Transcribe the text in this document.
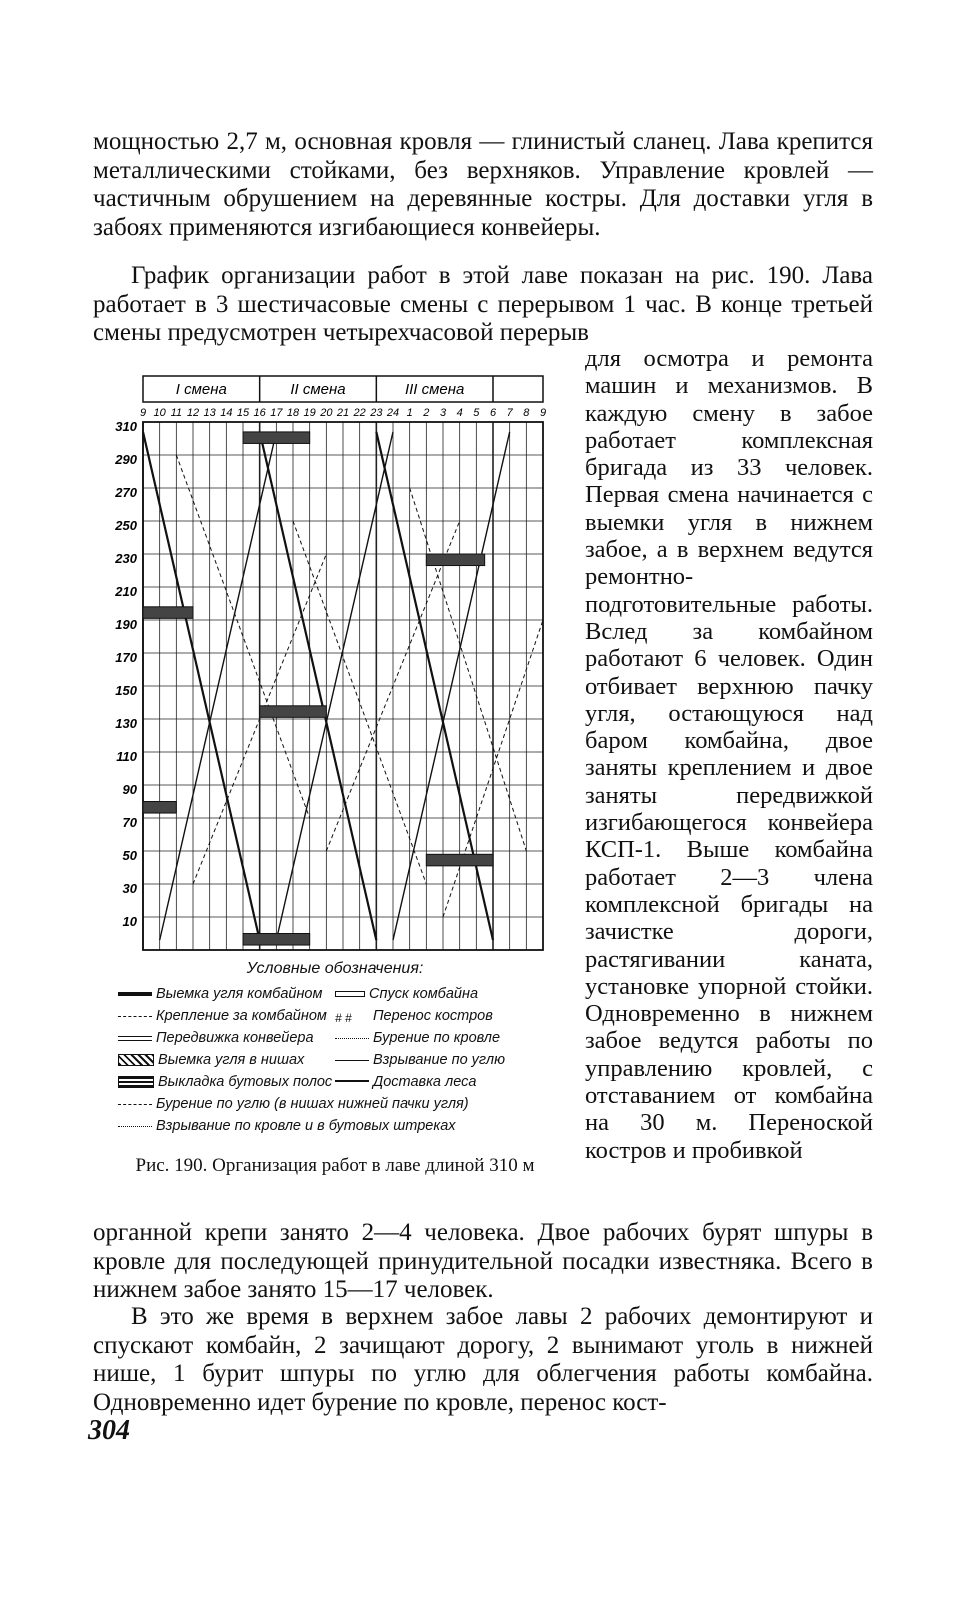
мощностью 2,7 м, основная кровля — глинистый сланец. Лава крепится металлическими стойками, без верхняков. Управление кровлей — частичным обрушением на деревянные костры. Для доставки угля в забоях применяются изгибающиеся конвейеры.

График организации работ в этой лаве показан на рис. 190. Лава работает в 3 шестичасовые смены с перерывом 1 час. В конце третьей смены предусмотрен четырехчасовой перерыв

для осмотра и ремонта машин и механизмов. В каждую смену в забое работает комплексная бригада из 33 человек. Первая смена начинается с выемки угля в нижнем забое, а в верхнем ведутся ремонтно-подготовительные работы. Вслед за комбайном работают 6 человек. Один отбивает верхнюю пачку угля, остающуюся над баром комбайна, двое заняты креплением и двое заняты передвижкой изгибающегося конвейера КСП-1. Выше комбайна работает 2—3 члена комплексной бригады на зачистке дороги, растягивании каната, установке упорной стойки. Одновременно в нижнем забое ведутся работы по управлению кровлей, с отставанием от комбайна на 30 м. Переноской костров и пробивкой

I смена	II смена	III смена
9 10 11 12 13 14 15 16 17 18 19 20 21 22 23 24 1 2 3 4 5 6 7 8 9
310
290
270
250
230
210
190
170
150
130
110
90
70
50
30
10
Условные обозначения:
Выемка угля комбайном	Спуск комбайна
Крепление за комбайном # # Перенос костров
Передвижка конвейера	Бурение по кровле
Выемка угля в нишах	Взрывание по углю
Выкладка бутовых полос	Доставка леса
Бурение по углю (в нишах нижней пачки угля)
Взрывание по кровле и в бутовых штреках
Рис. 190. Организация работ в лаве длиной 310 м

органной крепи занято 2—4 человека. Двое рабочих бурят шпуры в кровле для последующей принудительной посадки известняка. Всего в нижнем забое занято 15—17 человек.

В это же время в верхнем забое лавы 2 рабочих демонтируют и спускают комбайн, 2 зачищают дорогу, 2 вынимают уголь в нижней нише, 1 бурит шпуры по углю для облегчения работы комбайна. Одновременно идет бурение по кровле, перенос кост-

304
